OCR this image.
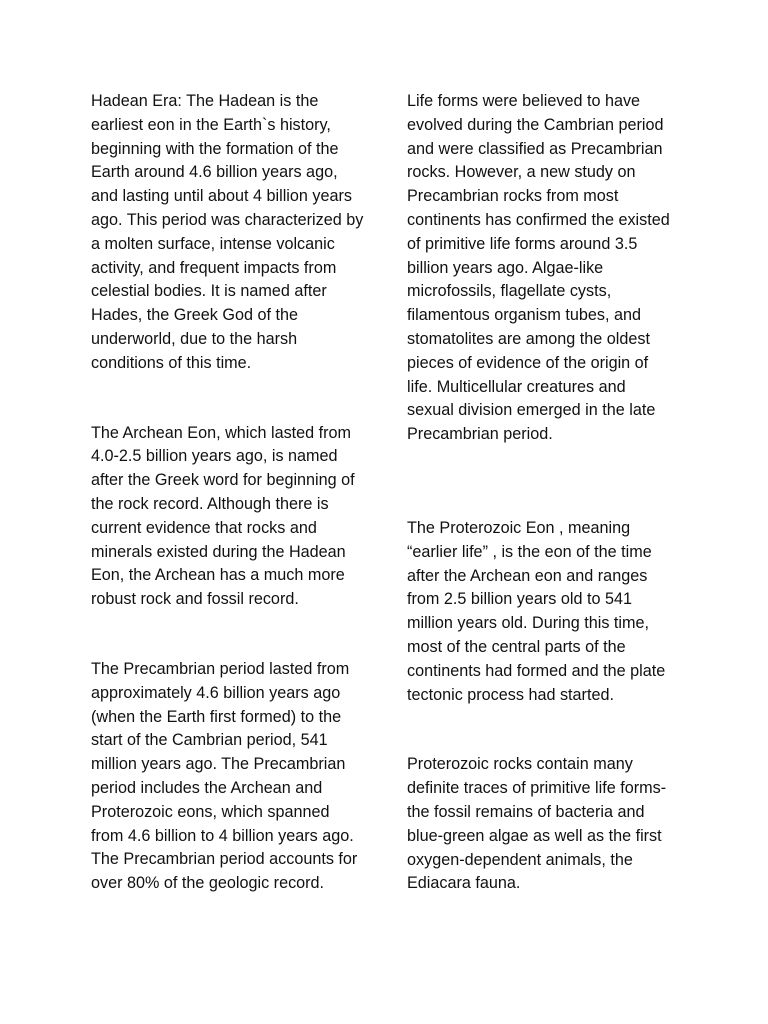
Hadean Era: The Hadean is the
earliest eon in the Earth`s history,
beginning with the formation of the
Earth around 4.6 billion years ago,
and lasting until about 4 billion years
ago. This period was characterized by
a molten surface, intense volcanic
activity, and frequent impacts from
celestial bodies. It is named after
Hades, the Greek God of the
underworld, due to the harsh
conditions of this time.

The Archean Eon, which lasted from
4.0-2.5 billion years ago, is named
after the Greek word for beginning of
the rock record. Although there is
current evidence that rocks and
minerals existed during the Hadean
Eon, the Archean has a much more
robust rock and fossil record.

The Precambrian period lasted from
approximately 4.6 billion years ago
(when the Earth first formed) to the
start of the Cambrian period, 541
million years ago. The Precambrian
period includes the Archean and
Proterozoic eons, which spanned
from 4.6 billion to 4 billion years ago.
The Precambrian period accounts for
over 80% of the geologic record.

Life forms were believed to have
evolved during the Cambrian period
and were classified as Precambrian
rocks. However, a new study on
Precambrian rocks from most
continents has confirmed the existed
of primitive life forms around 3.5
billion years ago. Algae-like
microfossils, flagellate cysts,
filamentous organism tubes, and
stomatolites are among the oldest
pieces of evidence of the origin of
life. Multicellular creatures and
sexual division emerged in the late
Precambrian period.

The Proterozoic Eon , meaning
“earlier life” , is the eon of the time
after the Archean eon and ranges
from 2.5 billion years old to 541
million years old. During this time,
most of the central parts of the
continents had formed and the plate
tectonic process had started.

Proterozoic rocks contain many
definite traces of primitive life forms-
the fossil remains of bacteria and
blue-green algae as well as the first
oxygen-dependent animals, the
Ediacara fauna.
